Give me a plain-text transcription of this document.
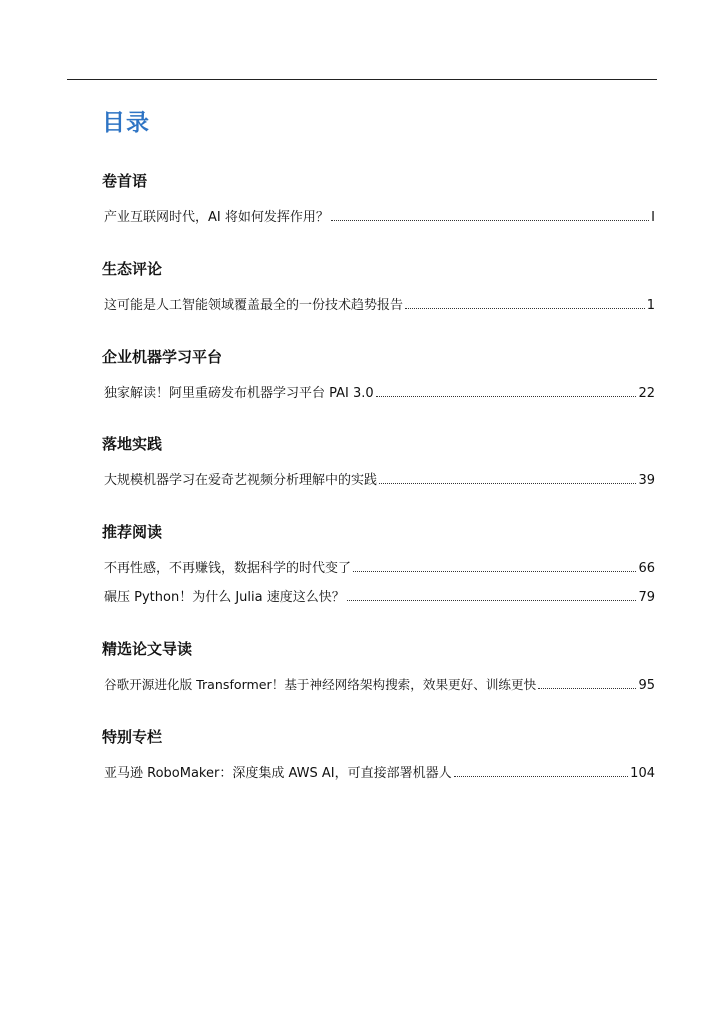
目录
卷首语
产业互联网时代，AI 将如何发挥作用？	I
生态评论
这可能是人工智能领域覆盖最全的一份技术趋势报告	1
企业机器学习平台
独家解读！阿里重磅发布机器学习平台 PAI 3.0	22
落地实践
大规模机器学习在爱奇艺视频分析理解中的实践	39
推荐阅读
不再性感，不再赚钱，数据科学的时代变了	66
碾压 Python！为什么 Julia 速度这么快？	79
精选论文导读
谷歌开源进化版 Transformer！基于神经网络架构搜索，效果更好、训练更快	95
特别专栏
亚马逊 RoboMaker：深度集成 AWS AI，可直接部署机器人	104
